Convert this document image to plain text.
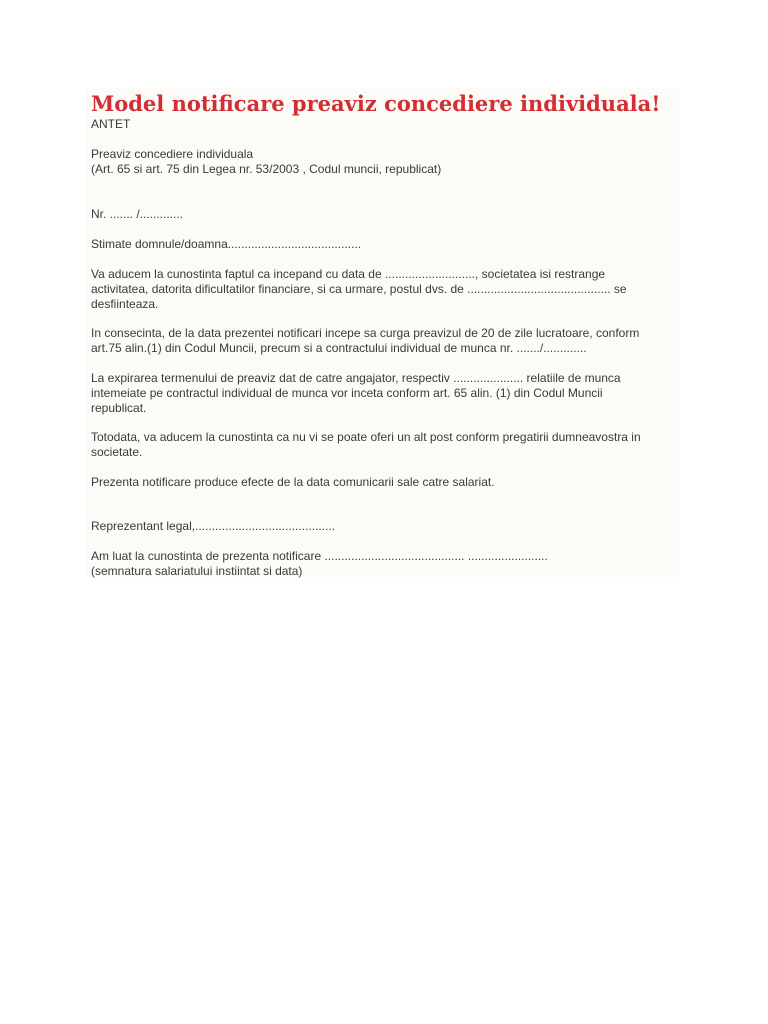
Model notificare preaviz concediere individuala!

ANTET

Preaviz concediere individuala

(Art. 65 si art. 75 din Legea nr. 53/2003 , Codul muncii, republicat)

Nr. ....... /.............

Stimate domnule/doamna........................................

Va aducem la cunostinta faptul ca incepand cu data de ..........................., societatea isi restrange

activitatea, datorita dificultatilor financiare, si ca urmare, postul dvs. de ........................................... se

desfiinteaza.

In consecinta, de la data prezentei notificari incepe sa curga preavizul de 20 de zile lucratoare, conform

art.75 alin.(1) din Codul Muncii, precum si a contractului individual de munca nr. ......./.............

La expirarea termenului de preaviz dat de catre angajator, respectiv ..................... relatiile de munca

intemeiate pe contractul individual de munca vor inceta conform art. 65 alin. (1) din Codul Muncii

republicat.

Totodata, va aducem la cunostinta ca nu vi se poate oferi un alt post conform pregatirii dumneavostra in

societate.

Prezenta notificare produce efecte de la data comunicarii sale catre salariat.

Reprezentant legal,..........................................

Am luat la cunostinta de prezenta notificare .......................................... ........................

(semnatura salariatului instiintat si data)
